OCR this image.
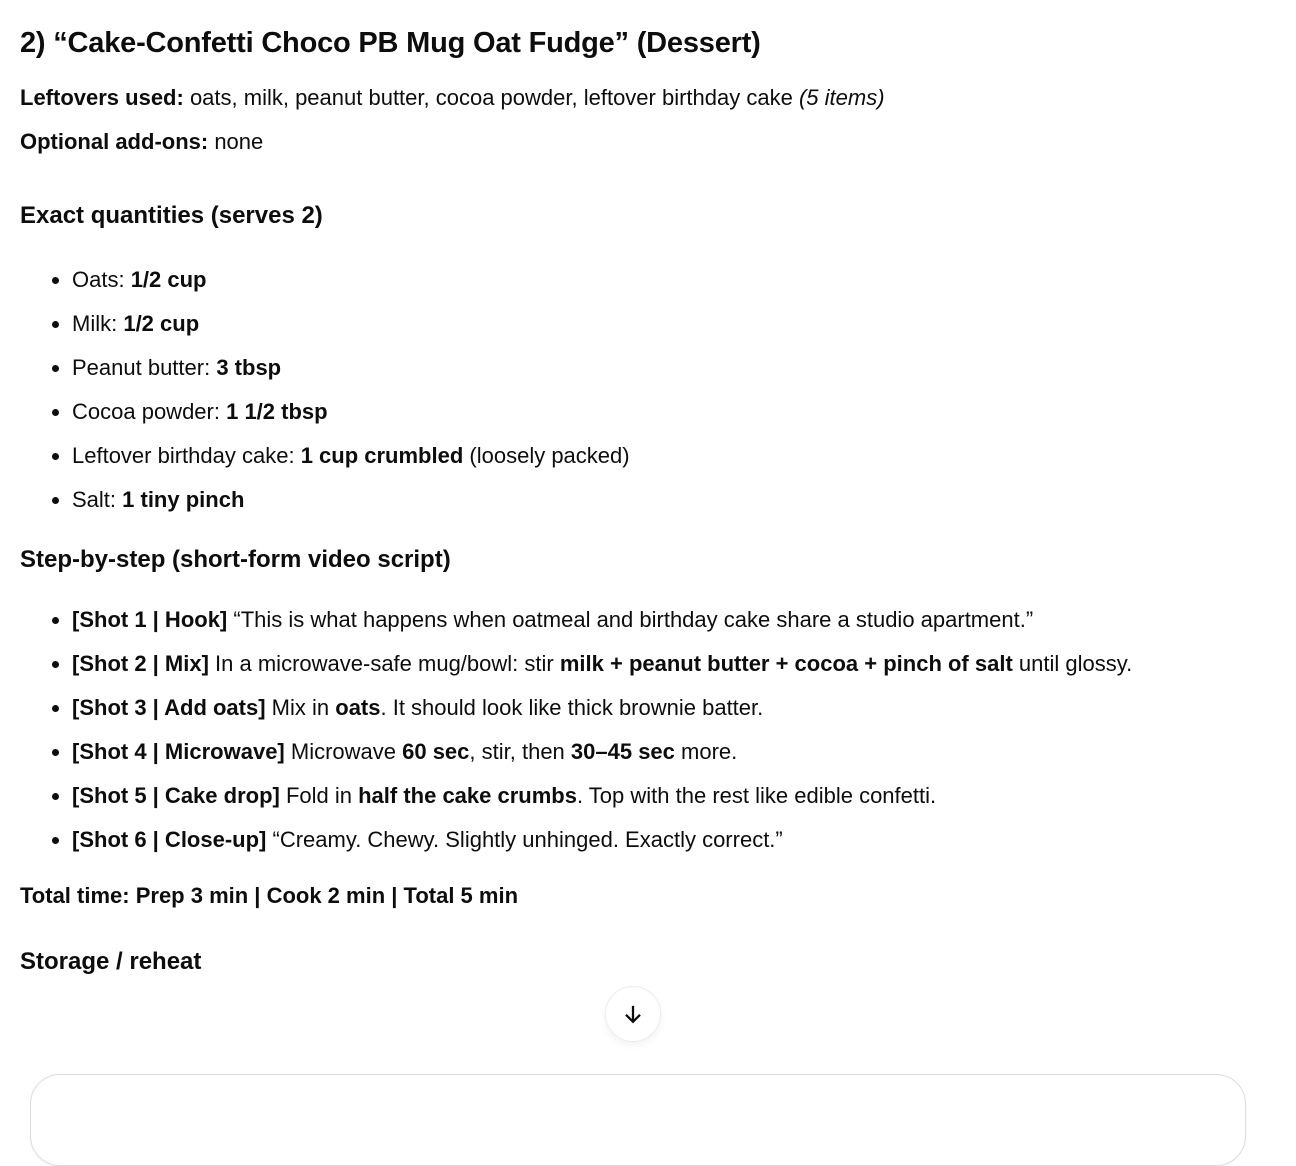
2) “Cake-Confetti Choco PB Mug Oat Fudge” (Dessert)
Leftovers used: oats, milk, peanut butter, cocoa powder, leftover birthday cake (5 items)
Optional add-ons: none
Exact quantities (serves 2)
• Oats: 1/2 cup
• Milk: 1/2 cup
• Peanut butter: 3 tbsp
• Cocoa powder: 1 1/2 tbsp
• Leftover birthday cake: 1 cup crumbled (loosely packed)
• Salt: 1 tiny pinch
Step-by-step (short-form video script)
• [Shot 1 | Hook] “This is what happens when oatmeal and birthday cake share a studio apartment.”
• [Shot 2 | Mix] In a microwave-safe mug/bowl: stir milk + peanut butter + cocoa + pinch of salt until glossy.
• [Shot 3 | Add oats] Mix in oats. It should look like thick brownie batter.
• [Shot 4 | Microwave] Microwave 60 sec, stir, then 30–45 sec more.
• [Shot 5 | Cake drop] Fold in half the cake crumbs. Top with the rest like edible confetti.
• [Shot 6 | Close-up] “Creamy. Chewy. Slightly unhinged. Exactly correct.”

Total time: Prep 3 min | Cook 2 min | Total 5 min

Storage / reheat
